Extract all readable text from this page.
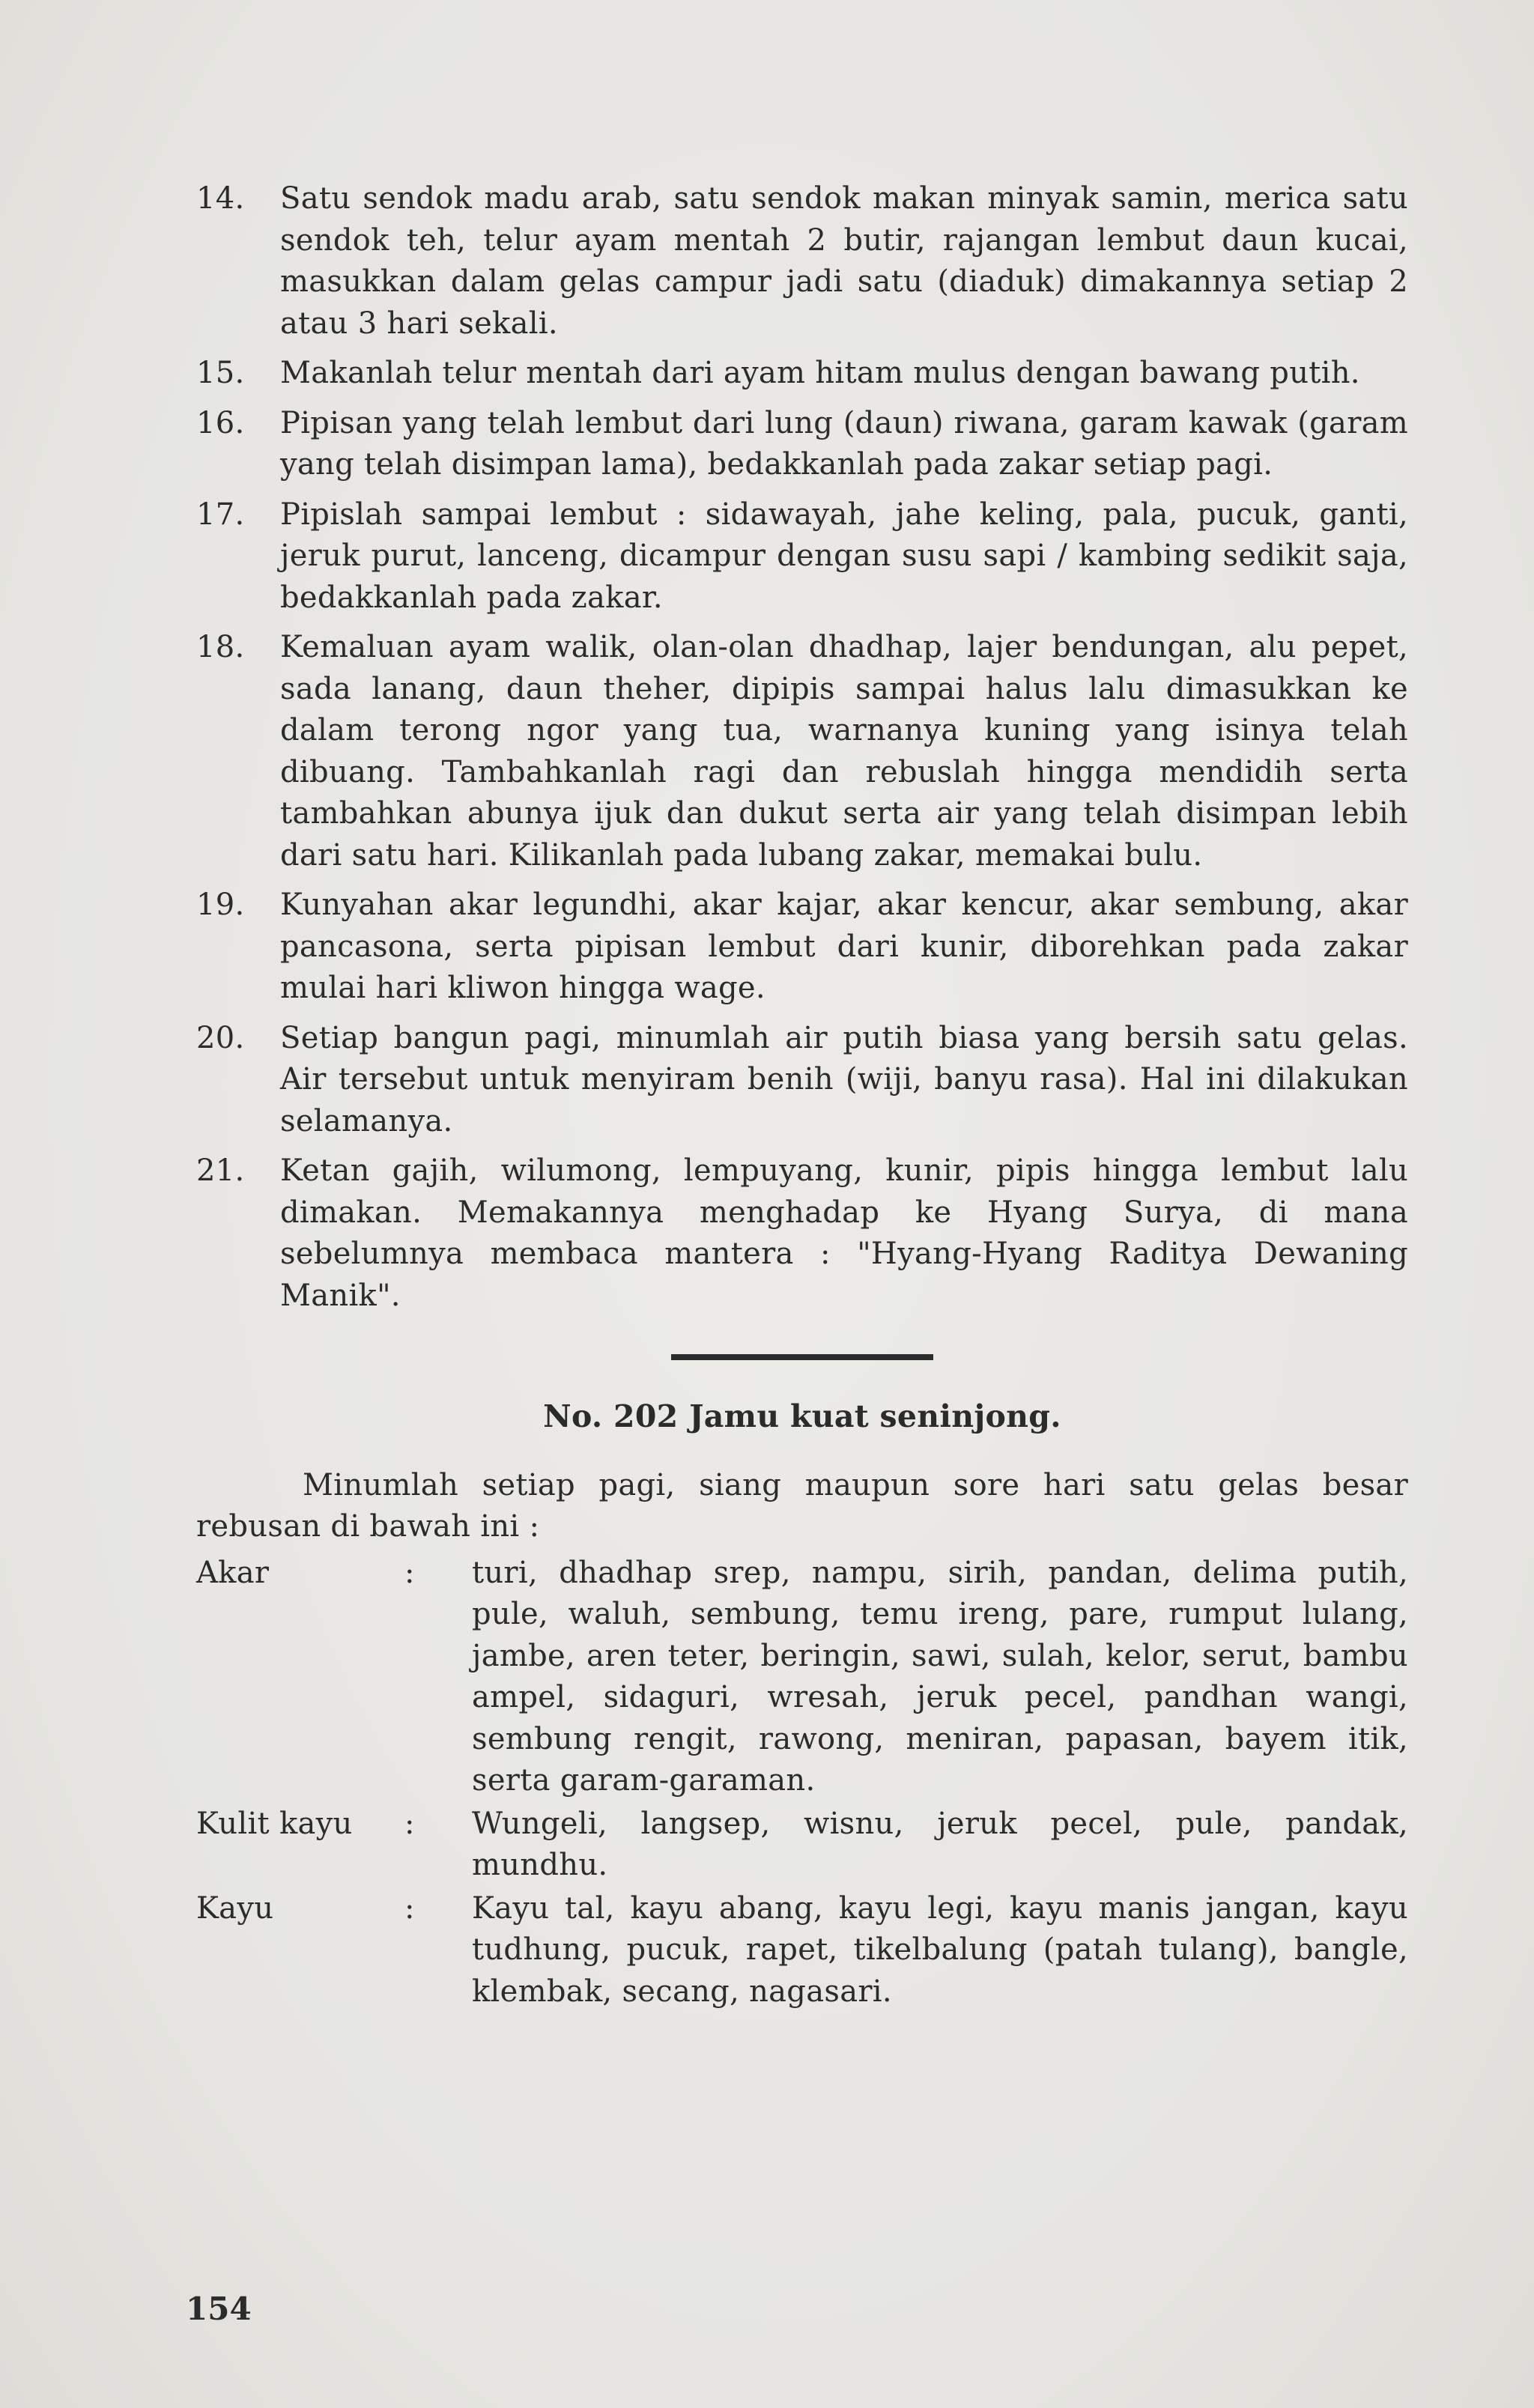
14.	Satu sendok madu arab, satu sendok makan minyak samin, merica satu sendok teh, telur ayam mentah 2 butir, rajangan lembut daun kucai, masukkan dalam gelas campur jadi satu (diaduk) dimakannya setiap 2 atau 3 hari sekali.
15.	Makanlah telur mentah dari ayam hitam mulus dengan bawang putih.
16.	Pipisan yang telah lembut dari lung (daun) riwana, garam kawak (garam yang telah disimpan lama), bedakkanlah pada zakar setiap pagi.
17.	Pipislah sampai lembut : sidawayah, jahe keling, pala, pucuk, ganti, jeruk purut, lanceng, dicampur dengan susu sapi / kambing sedikit saja, bedakkanlah pada zakar.
18.	Kemaluan ayam walik, olan-olan dhadhap, lajer bendungan, alu pepet, sada lanang, daun theher, dipipis sampai halus lalu dimasukkan ke dalam terong ngor yang tua, warnanya kuning yang isinya telah dibuang. Tambahkanlah ragi dan rebuslah hingga mendidih serta tambahkan abunya ijuk dan dukut serta air yang telah disimpan lebih dari satu hari. Kilikanlah pada lubang zakar, memakai bulu.
19.	Kunyahan akar legundhi, akar kajar, akar kencur, akar sembung, akar pancasona, serta pipisan lembut dari kunir, diborehkan pada zakar mulai hari kliwon hingga wage.
20.	Setiap bangun pagi, minumlah air putih biasa yang bersih satu gelas. Air tersebut untuk menyiram benih (wiji, banyu rasa). Hal ini dilakukan selamanya.
21.	Ketan gajih, wilumong, lempuyang, kunir, pipis hingga lembut lalu dimakan. Memakannya menghadap ke Hyang Surya, di mana sebelumnya membaca mantera : "Hyang-Hyang Raditya Dewaning Manik".
No. 202 Jamu kuat seninjong.
Minumlah setiap pagi, siang maupun sore hari satu gelas besar rebusan di bawah ini :
Akar	:	turi, dhadhap srep, nampu, sirih, pandan, delima putih, pule, waluh, sembung, temu ireng, pare, rumput lulang, jambe, aren teter, beringin, sawi, sulah, kelor, serut, bambu ampel, sidaguri, wresah, jeruk pecel, pandhan wangi, sembung rengit, rawong, meniran, papasan, bayem itik, serta garam-garaman.
Kulit kayu	:	Wungeli, langsep, wisnu, jeruk pecel, pule, pandak, mundhu.
Kayu	:	Kayu tal, kayu abang, kayu legi, kayu manis jangan, kayu tudhung, pucuk, rapet, tikelbalung (patah tulang), bangle, klembak, secang, nagasari.
154
